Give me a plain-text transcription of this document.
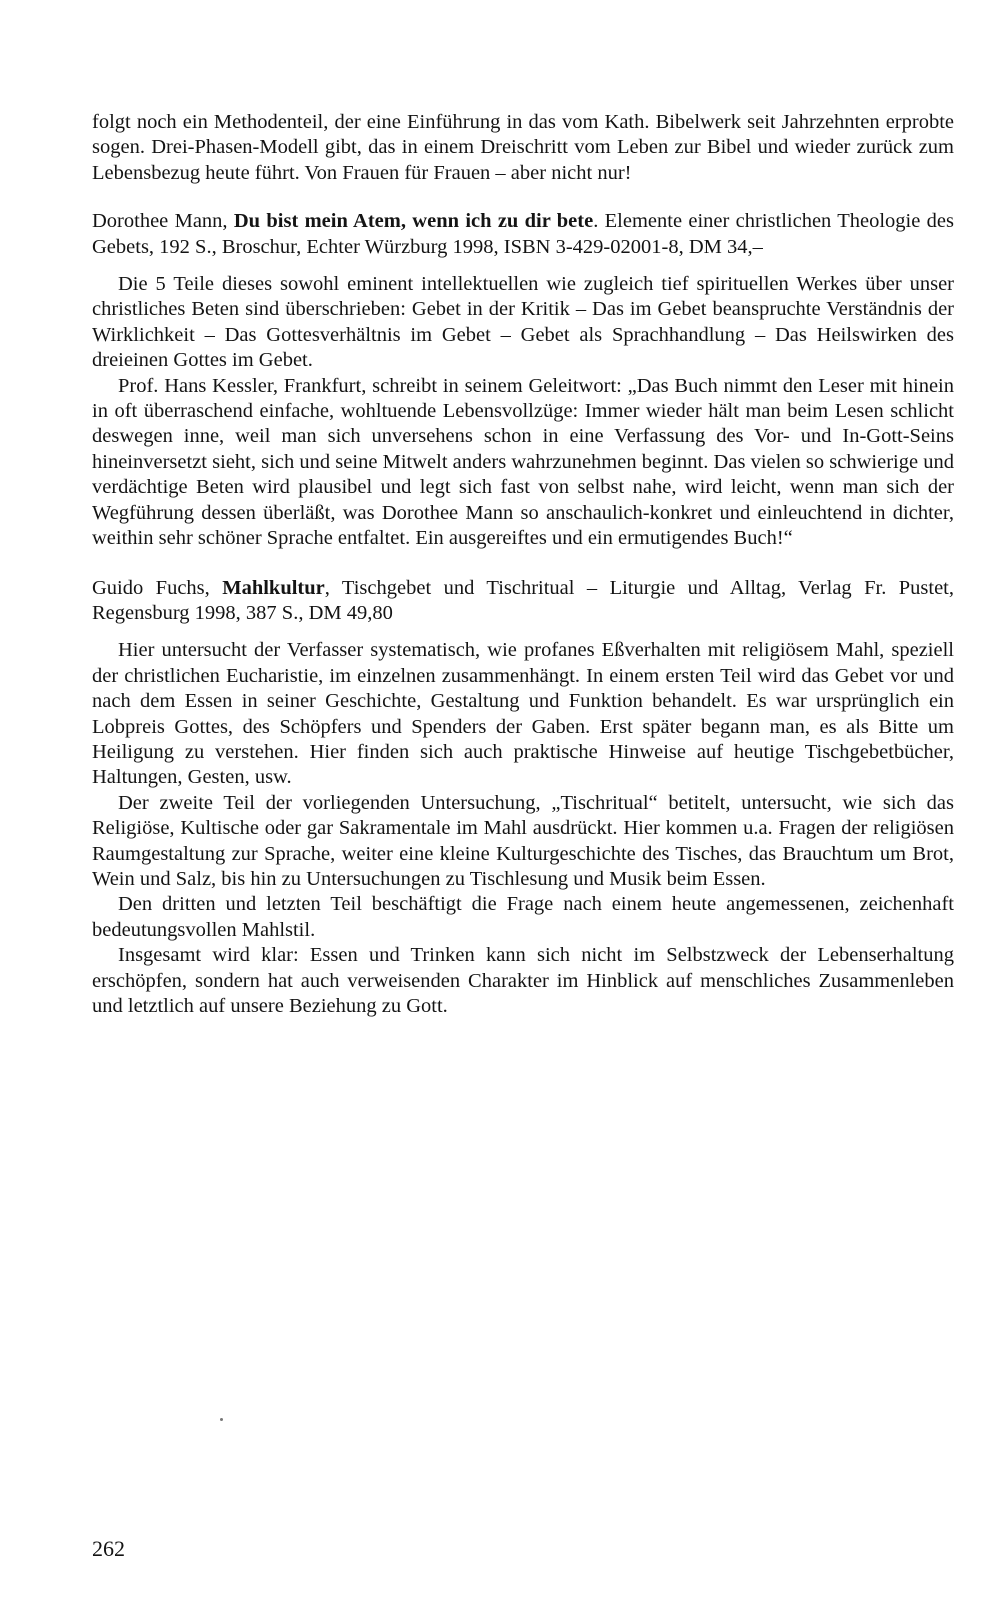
folgt noch ein Methodenteil, der eine Einführung in das vom Kath. Bibelwerk seit Jahrzehnten erprobte sogen. Drei-Phasen-Modell gibt, das in einem Dreischritt vom Leben zur Bibel und wieder zurück zum Lebensbezug heute führt. Von Frauen für Frauen – aber nicht nur!

Dorothee Mann, Du bist mein Atem, wenn ich zu dir bete. Elemente einer christlichen Theologie des Gebets, 192 S., Broschur, Echter Würzburg 1998, ISBN 3-429-02001-8, DM 34,–

Die 5 Teile dieses sowohl eminent intellektuellen wie zugleich tief spirituellen Werkes über unser christliches Beten sind überschrieben: Gebet in der Kritik – Das im Gebet beanspruchte Verständnis der Wirklichkeit – Das Gottesverhältnis im Gebet – Gebet als Sprachhandlung – Das Heilswirken des dreieinen Gottes im Gebet.

Prof. Hans Kessler, Frankfurt, schreibt in seinem Geleitwort: „Das Buch nimmt den Leser mit hinein in oft überraschend einfache, wohltuende Lebensvollzüge: Immer wieder hält man beim Lesen schlicht deswegen inne, weil man sich unversehens schon in eine Verfassung des Vor- und In-Gott-Seins hineinversetzt sieht, sich und seine Mitwelt anders wahrzunehmen beginnt. Das vielen so schwierige und verdächtige Beten wird plausibel und legt sich fast von selbst nahe, wird leicht, wenn man sich der Wegführung dessen überläßt, was Dorothee Mann so anschaulich-konkret und einleuchtend in dichter, weithin sehr schöner Sprache entfaltet. Ein ausgereiftes und ein ermutigendes Buch!“

Guido Fuchs, Mahlkultur, Tischgebet und Tischritual – Liturgie und Alltag, Verlag Fr. Pustet, Regensburg 1998, 387 S., DM 49,80

Hier untersucht der Verfasser systematisch, wie profanes Eßverhalten mit religiösem Mahl, speziell der christlichen Eucharistie, im einzelnen zusammenhängt. In einem ersten Teil wird das Gebet vor und nach dem Essen in seiner Geschichte, Gestaltung und Funktion behandelt. Es war ursprünglich ein Lobpreis Gottes, des Schöpfers und Spenders der Gaben. Erst später begann man, es als Bitte um Heiligung zu verstehen. Hier finden sich auch praktische Hinweise auf heutige Tischgebetbücher, Haltungen, Gesten, usw.

Der zweite Teil der vorliegenden Untersuchung, „Tischritual“ betitelt, untersucht, wie sich das Religiöse, Kultische oder gar Sakramentale im Mahl ausdrückt. Hier kommen u.a. Fragen der religiösen Raumgestaltung zur Sprache, weiter eine kleine Kulturgeschichte des Tisches, das Brauchtum um Brot, Wein und Salz, bis hin zu Untersuchungen zu Tischlesung und Musik beim Essen.

Den dritten und letzten Teil beschäftigt die Frage nach einem heute angemessenen, zeichenhaft bedeutungsvollen Mahlstil.

Insgesamt wird klar: Essen und Trinken kann sich nicht im Selbstzweck der Lebenserhaltung erschöpfen, sondern hat auch verweisenden Charakter im Hinblick auf menschliches Zusammenleben und letztlich auf unsere Beziehung zu Gott.

262
